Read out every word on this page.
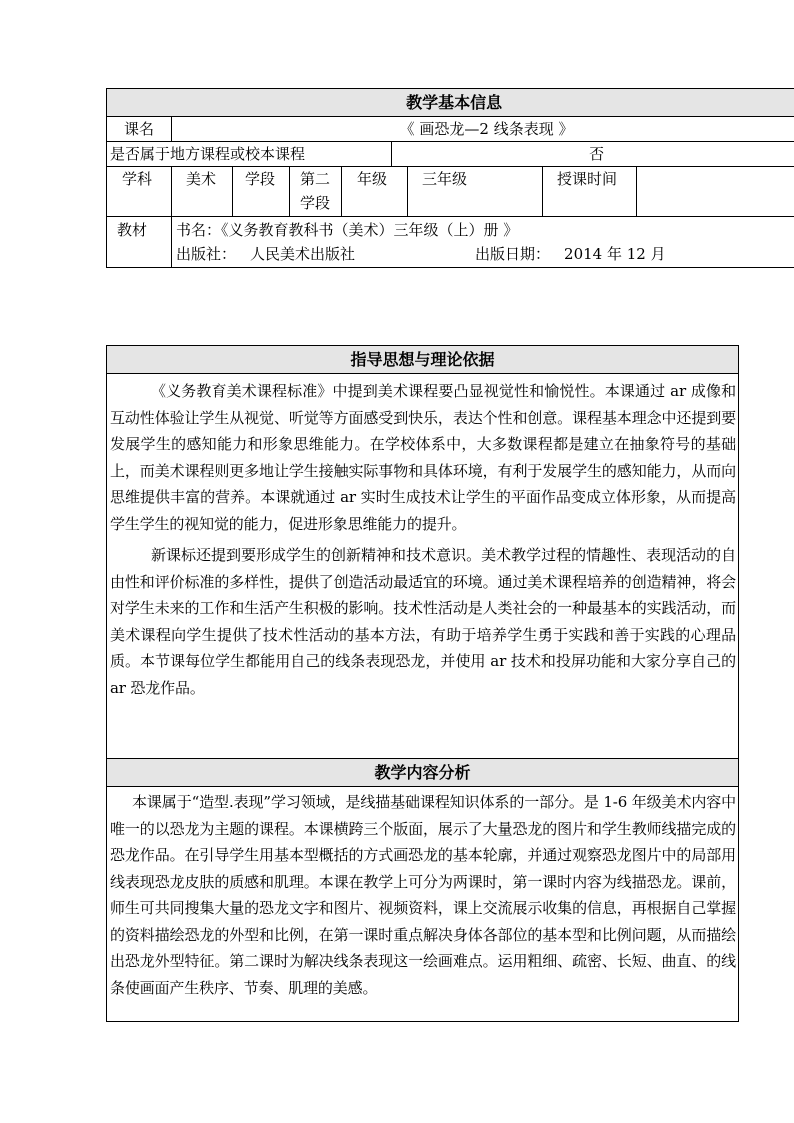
教学基本信息								
课名	《 画恐龙—2 线条表现 》							
是否属于地方课程或校本课程					否			
学科	美术	学段	第二学段	年级		三年级	授课时间	
教材	书名：《义务教育教科书（美术）三年级（上）册 》
出版社： 人民美术出版社 出版日期： 2014 年 12 月							
指导思想与理论依据

《义务教育美术课程标准》中提到美术课程要凸显视觉性和愉悦性。本课通过 ar 成像和互动性体验让学生从视觉、听觉等方面感受到快乐，表达个性和创意。课程基本理念中还提到要发展学生的感知能力和形象思维能力。在学校体系中，大多数课程都是建立在抽象符号的基础上，而美术课程则更多地让学生接触实际事物和具体环境，有利于发展学生的感知能力，从而向思维提供丰富的营养。本课就通过 ar 实时生成技术让学生的平面作品变成立体形象，从而提高学生学生的视知觉的能力，促进形象思维能力的提升。

新课标还提到要形成学生的创新精神和技术意识。美术教学过程的情趣性、表现活动的自由性和评价标准的多样性，提供了创造活动最适宜的环境。通过美术课程培养的创造精神，将会对学生未来的工作和生活产生积极的影响。技术性活动是人类社会的一种最基本的实践活动，而美术课程向学生提供了技术性活动的基本方法，有助于培养学生勇于实践和善于实践的心理品质。本节课每位学生都能用自己的线条表现恐龙，并使用 ar 技术和投屏功能和大家分享自己的 ar 恐龙作品。

教学内容分析

本课属于“造型.表现”学习领域，是线描基础课程知识体系的一部分。是 1-6 年级美术内容中唯一的以恐龙为主题的课程。本课横跨三个版面，展示了大量恐龙的图片和学生教师线描完成的恐龙作品。在引导学生用基本型概括的方式画恐龙的基本轮廓，并通过观察恐龙图片中的局部用线表现恐龙皮肤的质感和肌理。本课在教学上可分为两课时，第一课时内容为线描恐龙。课前，师生可共同搜集大量的恐龙文字和图片、视频资料，课上交流展示收集的信息，再根据自己掌握的资料描绘恐龙的外型和比例，在第一课时重点解决身体各部位的基本型和比例问题，从而描绘出恐龙外型特征。第二课时为解决线条表现这一绘画难点。运用粗细、疏密、长短、曲直、的线条使画面产生秩序、节奏、肌理的美感。
